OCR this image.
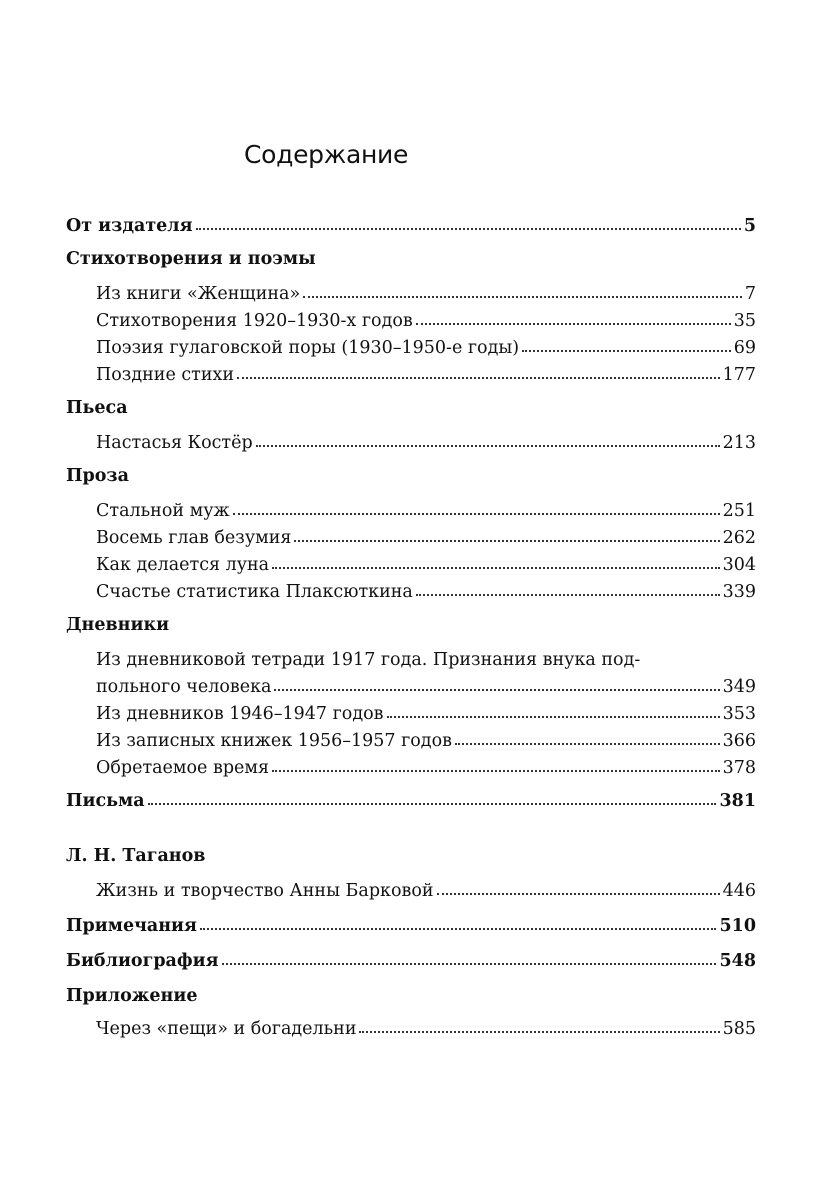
Содержание
От издателя	5
Стихотворения и поэмы
Из книги «Женщина»	7
Стихотворения 1920–1930-х годов	35
Поэзия гулаговской поры (1930–1950-е годы)	69
Поздние стихи	177
Пьеса
Настасья Костёр	213
Проза
Стальной муж	251
Восемь глав безумия	262
Как делается луна	304
Счастье статистика Плаксюткина	339
Дневники
Из дневниковой тетради 1917 года. Признания внука под-
польного человека	349
Из дневников 1946–1947 годов	353
Из записных книжек 1956–1957 годов	366
Обретаемое время	378
Письма	381
Л. Н. Таганов
Жизнь и творчество Анны Барковой	446
Примечания	510
Библиография	548
Приложение
Через «пещи» и богадельни	585
